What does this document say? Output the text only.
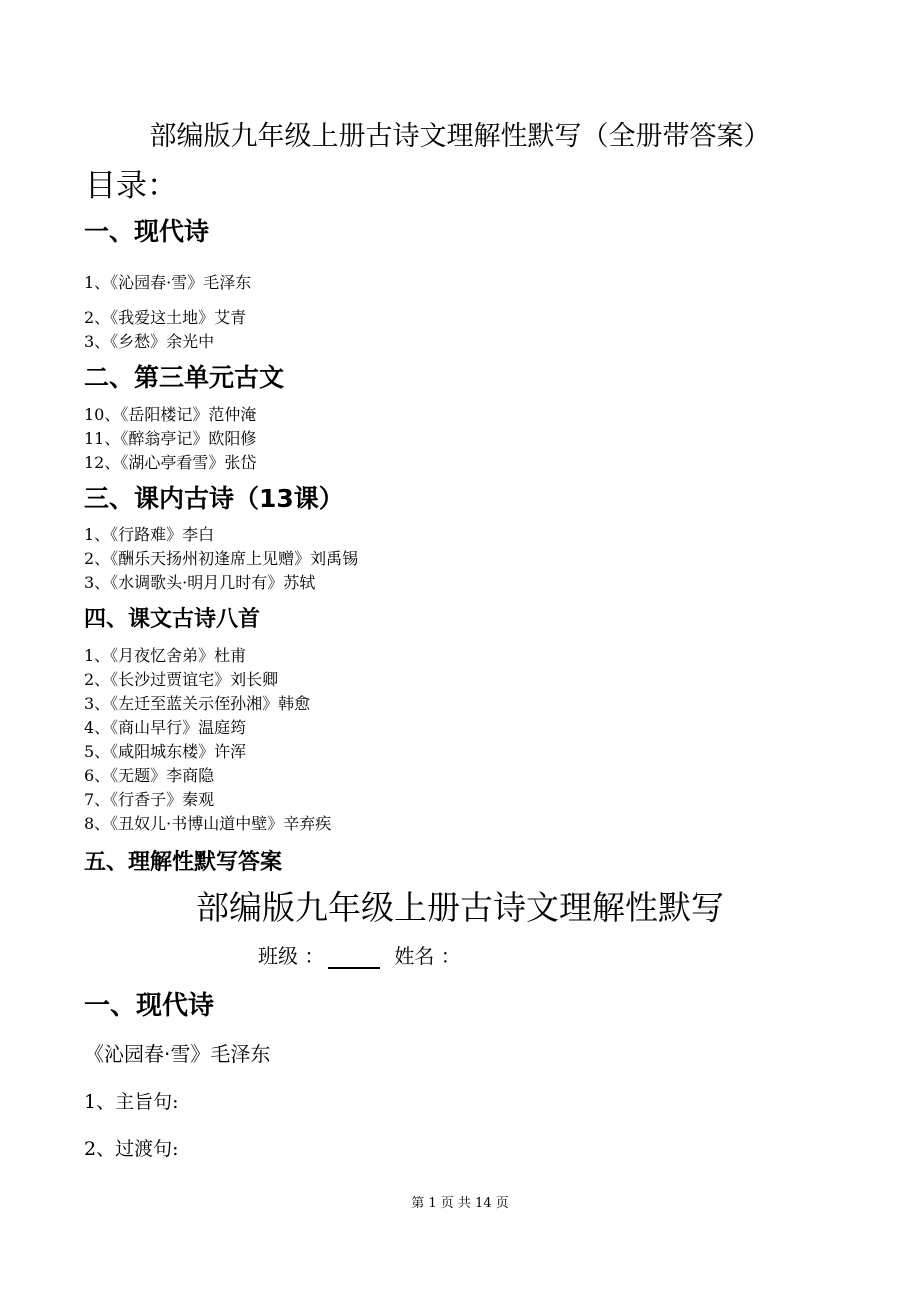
部编版九年级上册古诗文理解性默写（全册带答案）
目录：
一、现代诗
1、《沁园春·雪》毛泽东
2、《我爱这土地》艾青
3、《乡愁》余光中
二、第三单元古文
10、《岳阳楼记》范仲淹
11、《醉翁亭记》欧阳修
12、《湖心亭看雪》张岱
三、课内古诗（13课）
1、《行路难》李白
2、《酬乐天扬州初逢席上见赠》刘禹锡
3、《水调歌头·明月几时有》苏轼
四、课文古诗八首
1、《月夜忆舍弟》杜甫
2、《长沙过贾谊宅》刘长卿
3、《左迁至蓝关示侄孙湘》韩愈
4、《商山早行》温庭筠
5、《咸阳城东楼》许浑
6、《无题》李商隐
7、《行香子》秦观
8、《丑奴儿·书博山道中壁》辛弃疾
五、理解性默写答案
部编版九年级上册古诗文理解性默写
班级 ：	姓名 ：
一、现代诗
《沁园春·雪》毛泽东
1、主旨句:
2、过渡句:
第 1 页 共 14 页
